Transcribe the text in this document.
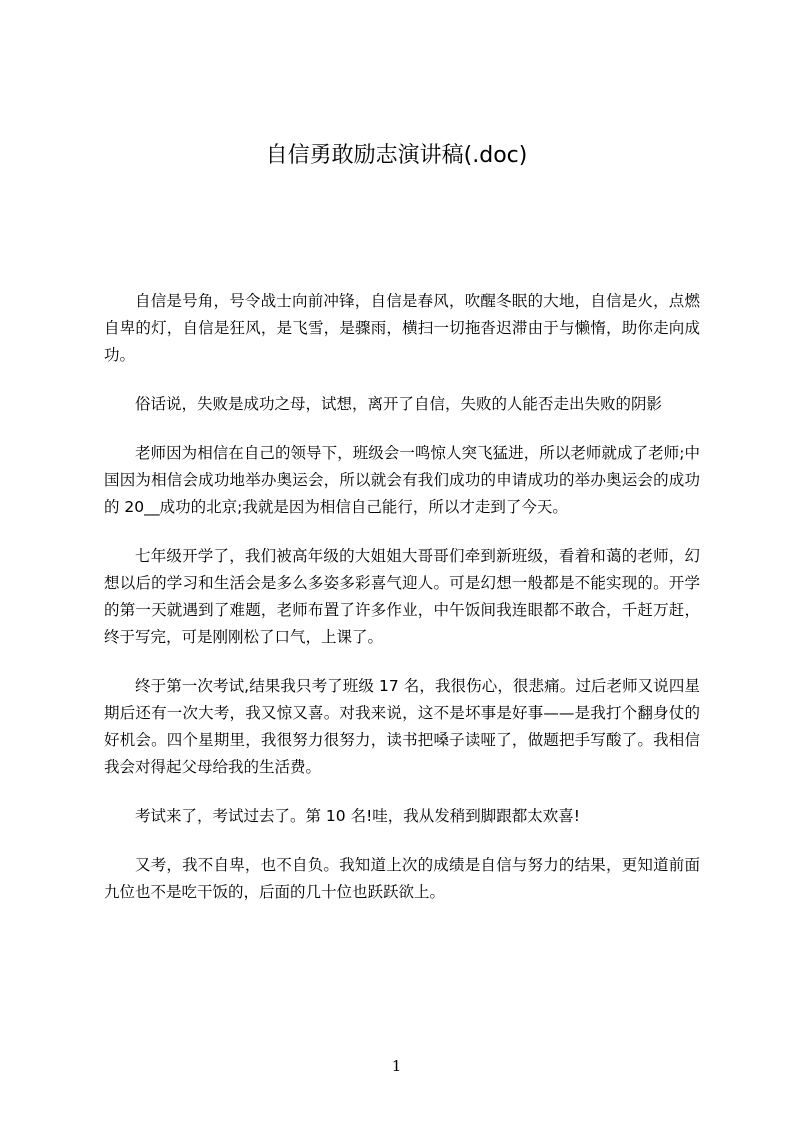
自信勇敢励志演讲稿(.doc)

自信是号角，号令战士向前冲锋，自信是春风，吹醒冬眠的大地，自信是火，点燃自卑的灯，自信是狂风，是飞雪，是骤雨，横扫一切拖沓迟滞由于与懒惰，助你走向成功。

俗话说，失败是成功之母，试想，离开了自信，失败的人能否走出失败的阴影

老师因为相信在自己的领导下，班级会一鸣惊人突飞猛进，所以老师就成了老师;中国因为相信会成功地举办奥运会，所以就会有我们成功的申请成功的举办奥运会的成功的 20__成功的北京;我就是因为相信自己能行，所以才走到了今天。

七年级开学了，我们被高年级的大姐姐大哥哥们牵到新班级，看着和蔼的老师，幻想以后的学习和生活会是多么多姿多彩喜气迎人。可是幻想一般都是不能实现的。开学的第一天就遇到了难题，老师布置了许多作业，中午饭间我连眼都不敢合，千赶万赶，终于写完，可是刚刚松了口气，上课了。

终于第一次考试,结果我只考了班级 17 名，我很伤心，很悲痛。过后老师又说四星期后还有一次大考，我又惊又喜。对我来说，这不是坏事是好事——是我打个翻身仗的好机会。四个星期里，我很努力很努力，读书把嗓子读哑了，做题把手写酸了。我相信我会对得起父母给我的生活费。

考试来了，考试过去了。第 10 名!哇，我从发稍到脚跟都太欢喜!

又考，我不自卑，也不自负。我知道上次的成绩是自信与努力的结果，更知道前面九位也不是吃干饭的，后面的几十位也跃跃欲上。

1
